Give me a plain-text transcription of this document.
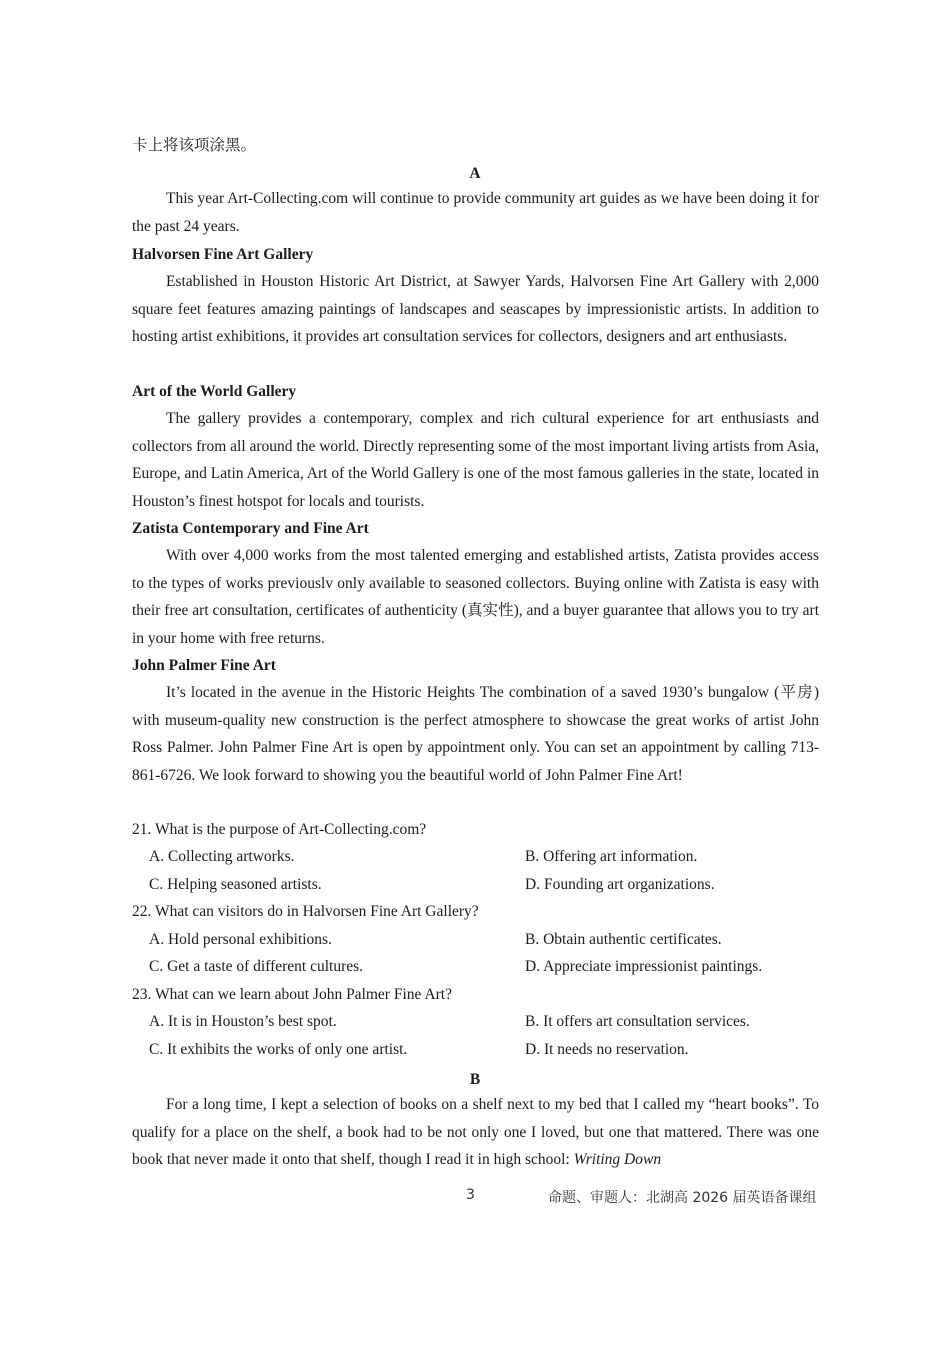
卡上将该项涂黑。

A

This year Art-Collecting.com will continue to provide community art guides as we have been doing it for the past 24 years.

Halvorsen Fine Art Gallery

Established in Houston Historic Art District, at Sawyer Yards, Halvorsen Fine Art Gallery with 2,000 square feet features amazing paintings of landscapes and seascapes by impressionistic artists. In addition to hosting artist exhibitions, it provides art consultation services for collectors, designers and art enthusiasts.

Art of the World Gallery

The gallery provides a contemporary, complex and rich cultural experience for art enthusiasts and collectors from all around the world. Directly representing some of the most important living artists from Asia, Europe, and Latin America, Art of the World Gallery is one of the most famous galleries in the state, located in Houston’s finest hotspot for locals and tourists.

Zatista Contemporary and Fine Art

With over 4,000 works from the most talented emerging and established artists, Zatista provides access to the types of works previouslv only available to seasoned collectors. Buying online with Zatista is easy with their free art consultation, certificates of authenticity (真实性), and a buyer guarantee that allows you to try art in your home with free returns.

John Palmer Fine Art

It’s located in the avenue in the Historic Heights The combination of a saved 1930’s bungalow (平房) with museum-quality new construction is the perfect atmosphere to showcase the great works of artist John Ross Palmer. John Palmer Fine Art is open by appointment only. You can set an appointment by calling 713-861-6726. We look forward to showing you the beautiful world of John Palmer Fine Art!

21. What is the purpose of Art-Collecting.com?

A. Collecting artworks.	B. Offering art information.

C. Helping seasoned artists.	D. Founding art organizations.

22. What can visitors do in Halvorsen Fine Art Gallery?

A. Hold personal exhibitions.	B. Obtain authentic certificates.

C. Get a taste of different cultures.	D. Appreciate impressionist paintings.

23. What can we learn about John Palmer Fine Art?

A. It is in Houston’s best spot.	B. It offers art consultation services.

C. It exhibits the works of only one artist.	D. It needs no reservation.

B

For a long time, I kept a selection of books on a shelf next to my bed that I called my “heart books”. To qualify for a place on the shelf, a book had to be not only one I loved, but one that mattered. There was one book that never made it onto that shelf, though I read it in high school: Writing Down

3	命题、审题人：北湖高 2026 届英语备课组
